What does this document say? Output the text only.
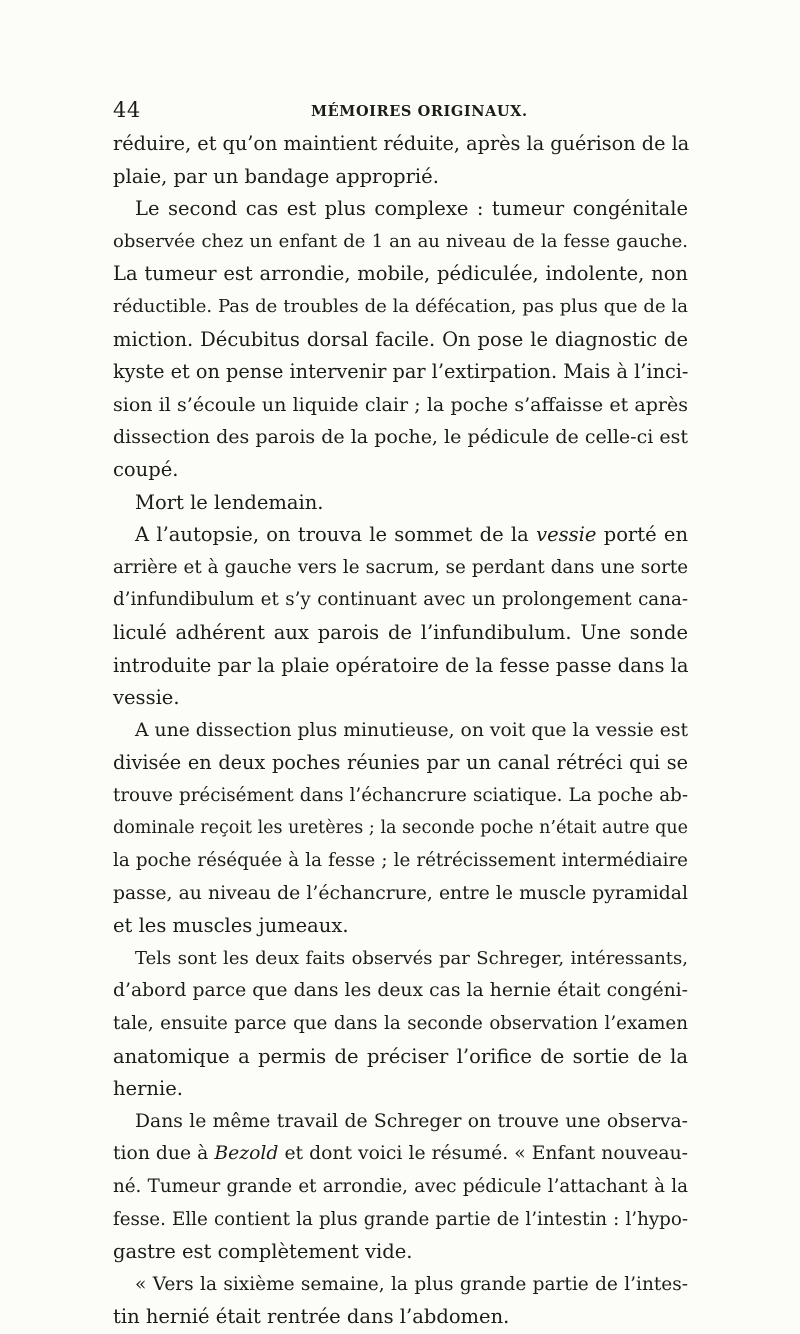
44	MÉMOIRES ORIGINAUX.
réduire, et qu’on maintient réduite, après la guérison de la
plaie, par un bandage approprié.
Le second cas est plus complexe : tumeur congénitale
observée chez un enfant de 1 an au niveau de la fesse gauche.
La tumeur est arrondie, mobile, pédiculée, indolente, non
réductible. Pas de troubles de la défécation, pas plus que de la
miction. Décubitus dorsal facile. On pose le diagnostic de
kyste et on pense intervenir par l’extirpation. Mais à l’inci-
sion il s’écoule un liquide clair ; la poche s’affaisse et après
dissection des parois de la poche, le pédicule de celle-ci est
coupé.
Mort le lendemain.
A l’autopsie, on trouva le sommet de la vessie porté en
arrière et à gauche vers le sacrum, se perdant dans une sorte
d’infundibulum et s’y continuant avec un prolongement cana-
liculé adhérent aux parois de l’infundibulum. Une sonde
introduite par la plaie opératoire de la fesse passe dans la
vessie.
A une dissection plus minutieuse, on voit que la vessie est
divisée en deux poches réunies par un canal rétréci qui se
trouve précisément dans l’échancrure sciatique. La poche ab-
dominale reçoit les uretères ; la seconde poche n’était autre que
la poche réséquée à la fesse ; le rétrécissement intermédiaire
passe, au niveau de l’échancrure, entre le muscle pyramidal
et les muscles jumeaux.
Tels sont les deux faits observés par Schreger, intéressants,
d’abord parce que dans les deux cas la hernie était congéni-
tale, ensuite parce que dans la seconde observation l’examen
anatomique a permis de préciser l’orifice de sortie de la
hernie.
Dans le même travail de Schreger on trouve une observa-
tion due à Bezold et dont voici le résumé. « Enfant nouveau-
né. Tumeur grande et arrondie, avec pédicule l’attachant à la
fesse. Elle contient la plus grande partie de l’intestin : l’hypo-
gastre est complètement vide.
« Vers la sixième semaine, la plus grande partie de l’intes-
tin hernié était rentrée dans l’abdomen.
